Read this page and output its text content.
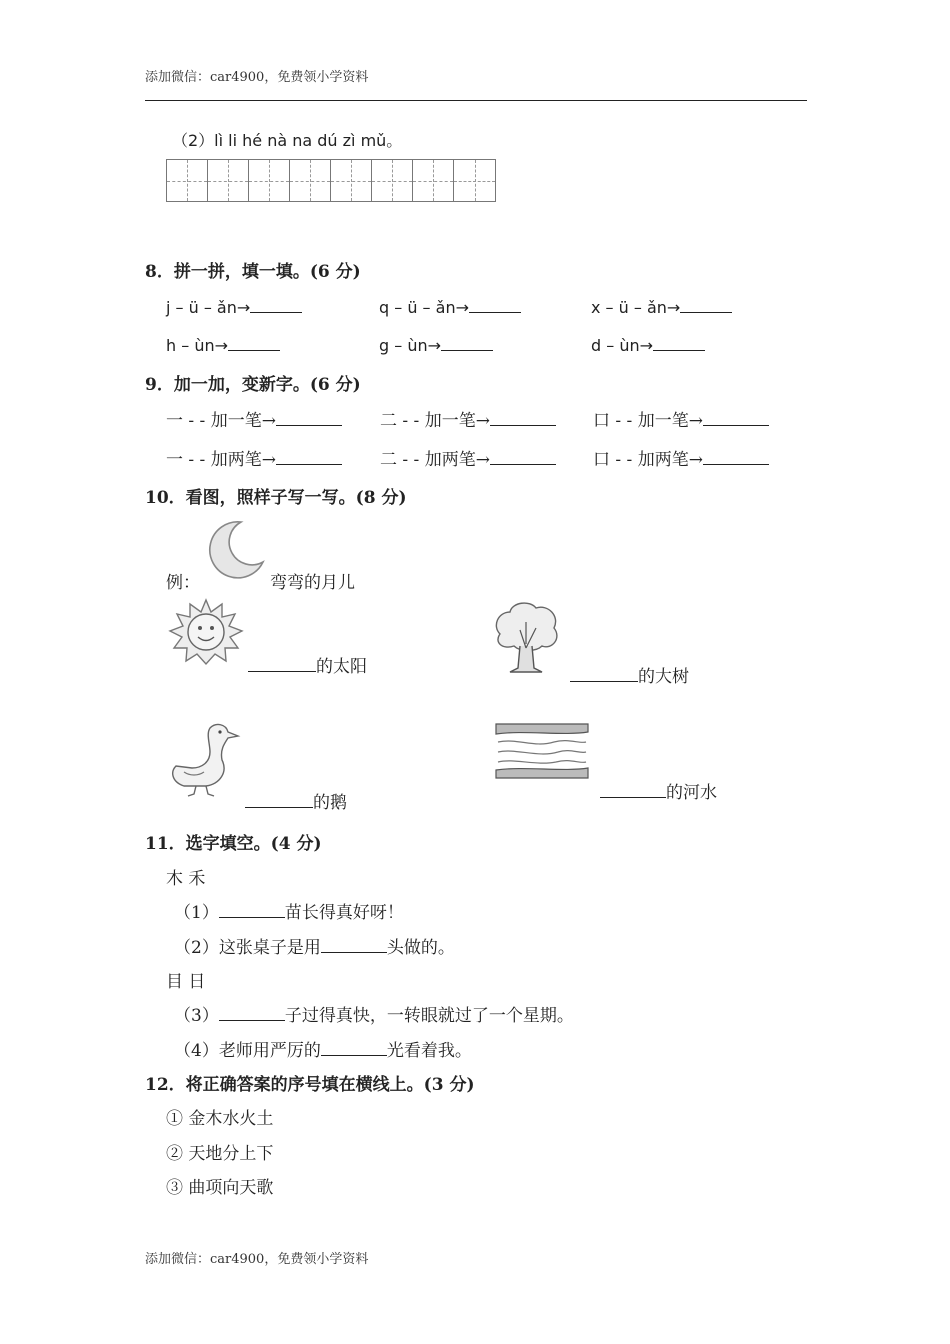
添加微信：car4900，免费领小学资料
（2）lì li hé nà na dú zì mǔ。
8．拼一拼，填一填。(6 分)
j – ü – ǎn→	q – ü – ǎn→	x – ü – ǎn→
h – ùn→	g – ùn→	d – ùn→
9．加一加，变新字。(6 分)
一 - - 加一笔→	二 - - 加一笔→	口 - - 加一笔→
一 - - 加两笔→	二 - - 加两笔→	口 - - 加两笔→
10．看图，照样子写一写。(8 分)
例：	弯弯的月儿
的太阳	的大树
的鹅	的河水
11．选字填空。(4 分)
木 禾
（1）	苗长得真好呀！
（2）这张桌子是用	头做的。
目 日
（3）	子过得真快，一转眼就过了一个星期。
（4）老师用严厉的	光看着我。
12．将正确答案的序号填在横线上。(3 分)
① 金木水火土
② 天地分上下
③ 曲项向天歌
添加微信：car4900，免费领小学资料
